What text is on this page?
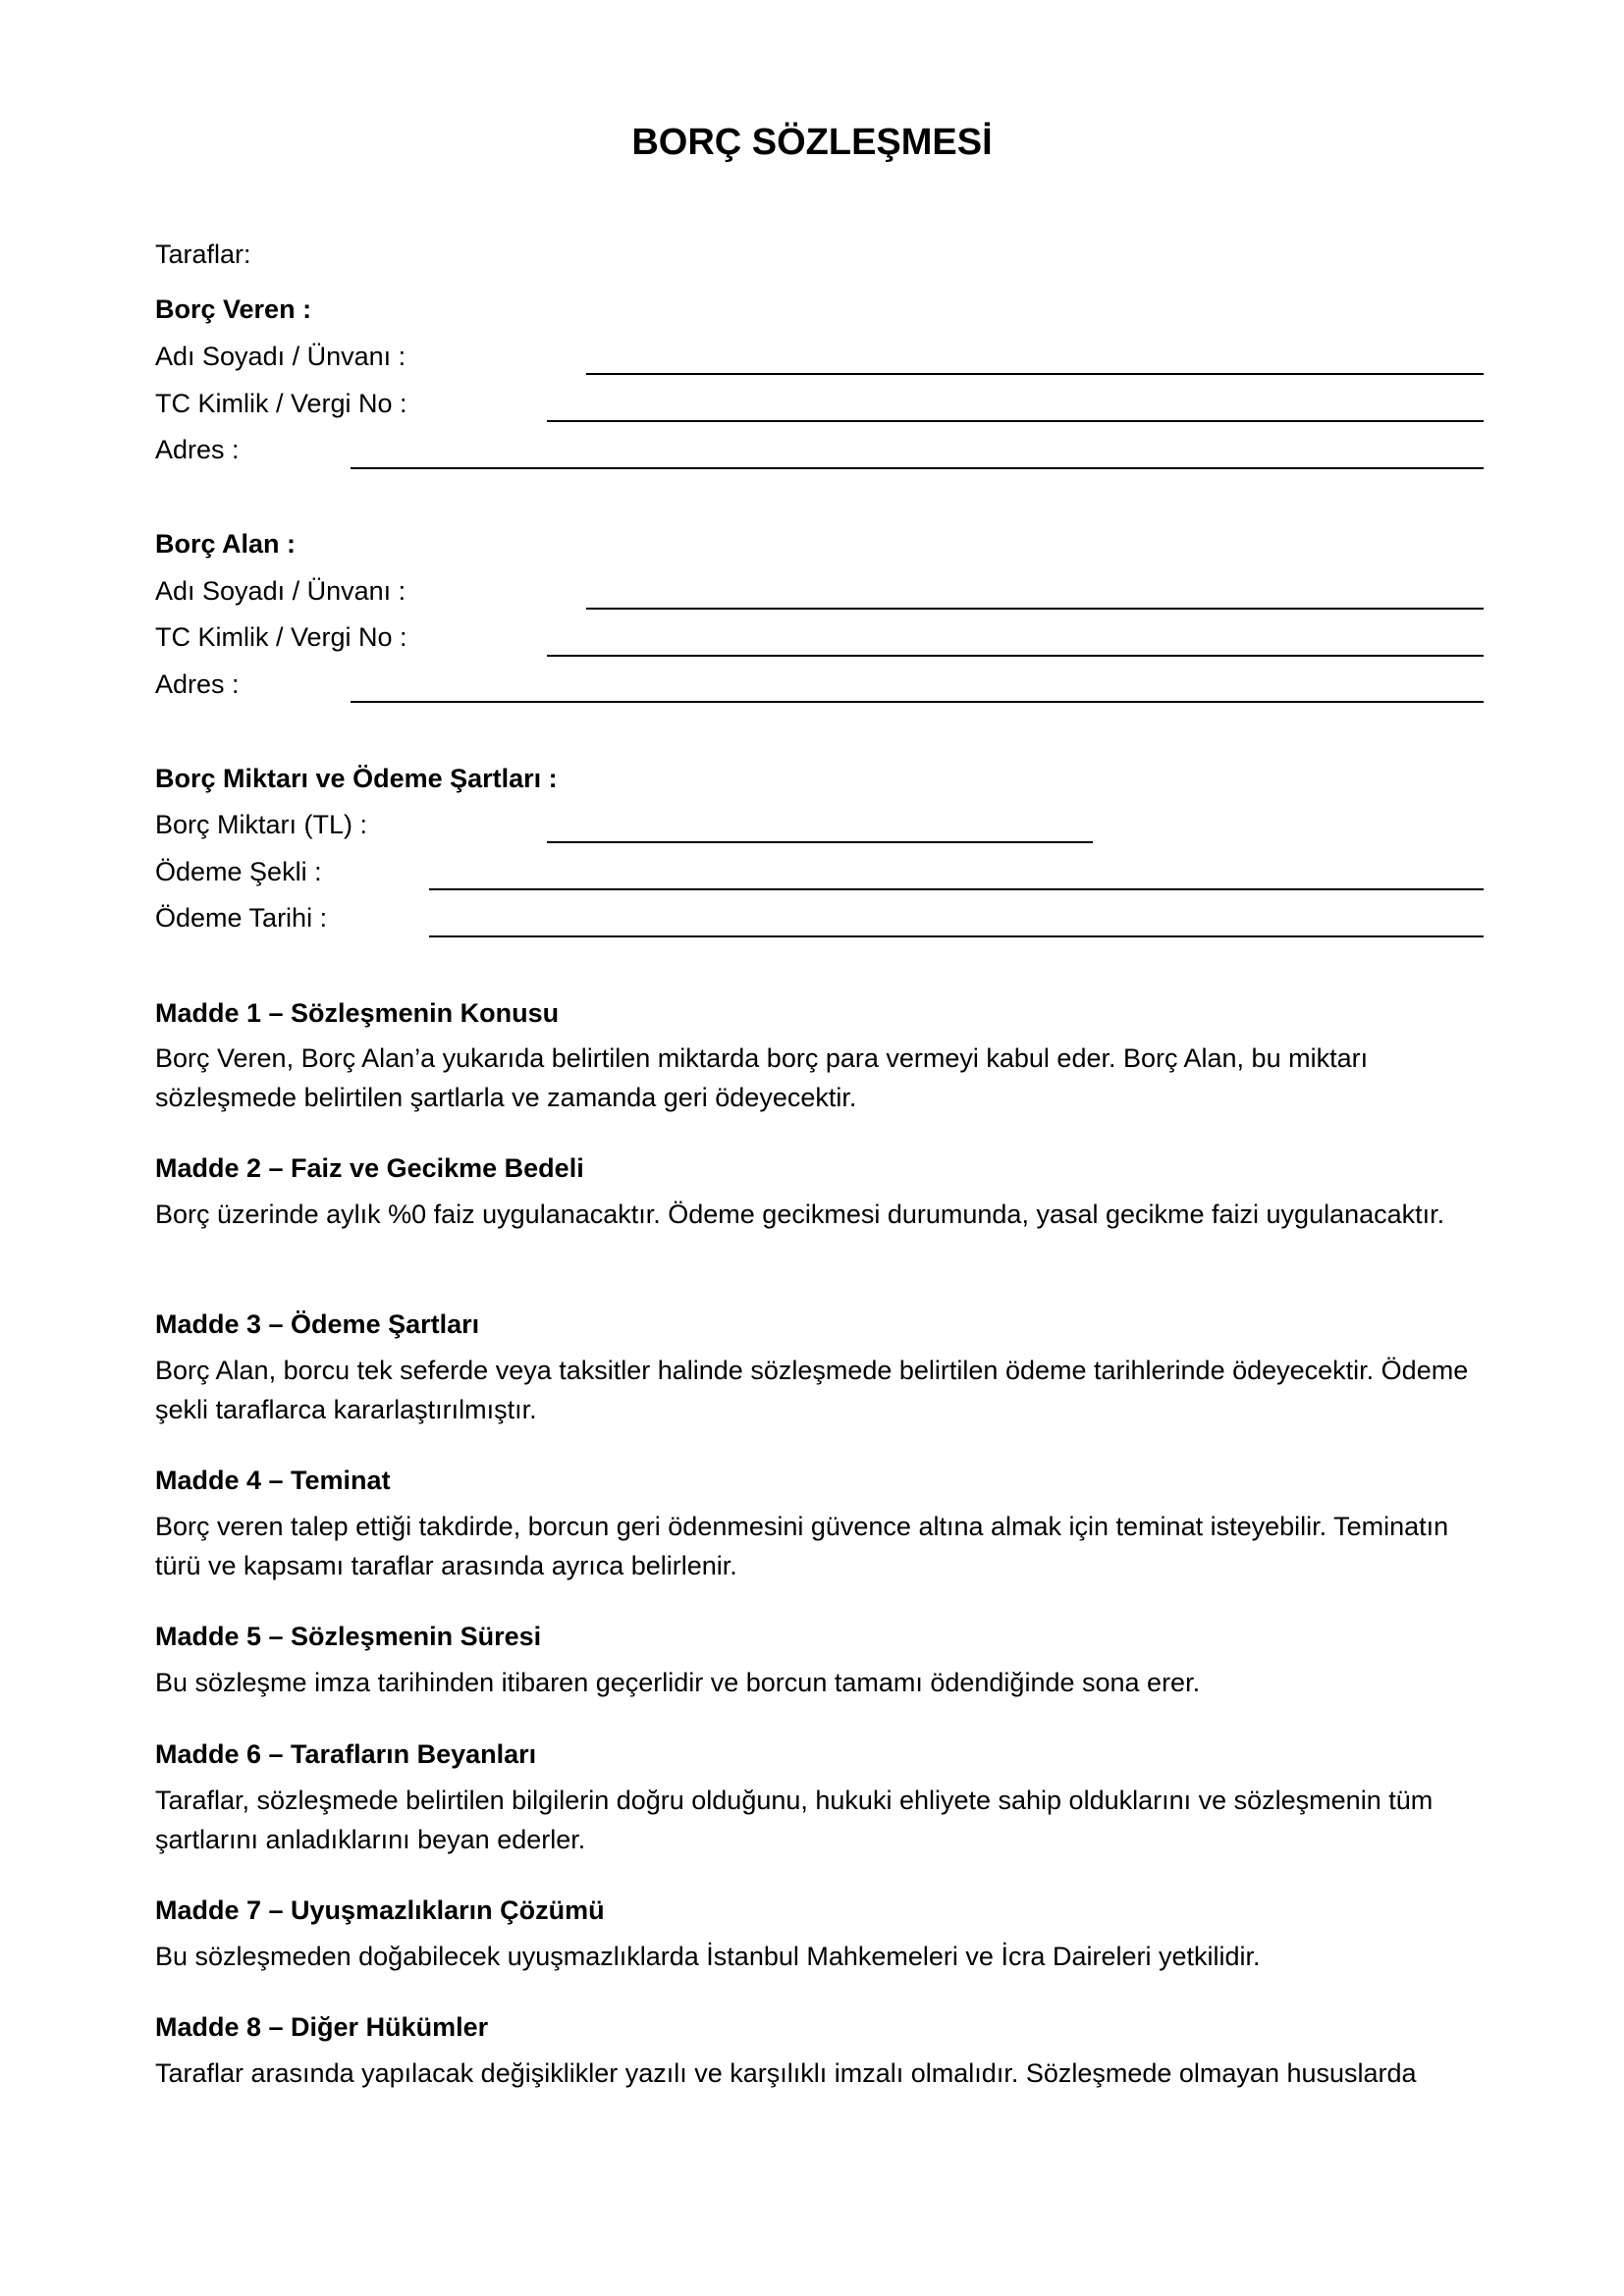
BORÇ SÖZLEŞMESİ
Taraflar:
Borç Veren :
Adı Soyadı / Ünvanı :
TC Kimlik / Vergi No :
Adres :
Borç Alan :
Adı Soyadı / Ünvanı :
TC Kimlik / Vergi No :
Adres :
Borç Miktarı ve Ödeme Şartları :
Borç Miktarı (TL) :
Ödeme Şekli :
Ödeme Tarihi :
Madde 1 – Sözleşmenin Konusu
Borç Veren, Borç Alan’a yukarıda belirtilen miktarda borç para vermeyi kabul eder. Borç Alan, bu miktarı sözleşmede belirtilen şartlarla ve zamanda geri ödeyecektir.
Madde 2 – Faiz ve Gecikme Bedeli
Borç üzerinde aylık %0 faiz uygulanacaktır. Ödeme gecikmesi durumunda, yasal gecikme faizi uygulanacaktır.
Madde 3 – Ödeme Şartları
Borç Alan, borcu tek seferde veya taksitler halinde sözleşmede belirtilen ödeme tarihlerinde ödeyecektir. Ödeme şekli taraflarca kararlaştırılmıştır.
Madde 4 – Teminat
Borç veren talep ettiği takdirde, borcun geri ödenmesini güvence altına almak için teminat isteyebilir. Teminatın türü ve kapsamı taraflar arasında ayrıca belirlenir.
Madde 5 – Sözleşmenin Süresi
Bu sözleşme imza tarihinden itibaren geçerlidir ve borcun tamamı ödendiğinde sona erer.
Madde 6 – Tarafların Beyanları
Taraflar, sözleşmede belirtilen bilgilerin doğru olduğunu, hukuki ehliyete sahip olduklarını ve sözleşmenin tüm şartlarını anladıklarını beyan ederler.
Madde 7 – Uyuşmazlıkların Çözümü
Bu sözleşmeden doğabilecek uyuşmazlıklarda İstanbul Mahkemeleri ve İcra Daireleri yetkilidir.
Madde 8 – Diğer Hükümler
Taraflar arasında yapılacak değişiklikler yazılı ve karşılıklı imzalı olmalıdır. Sözleşmede olmayan hususlarda
